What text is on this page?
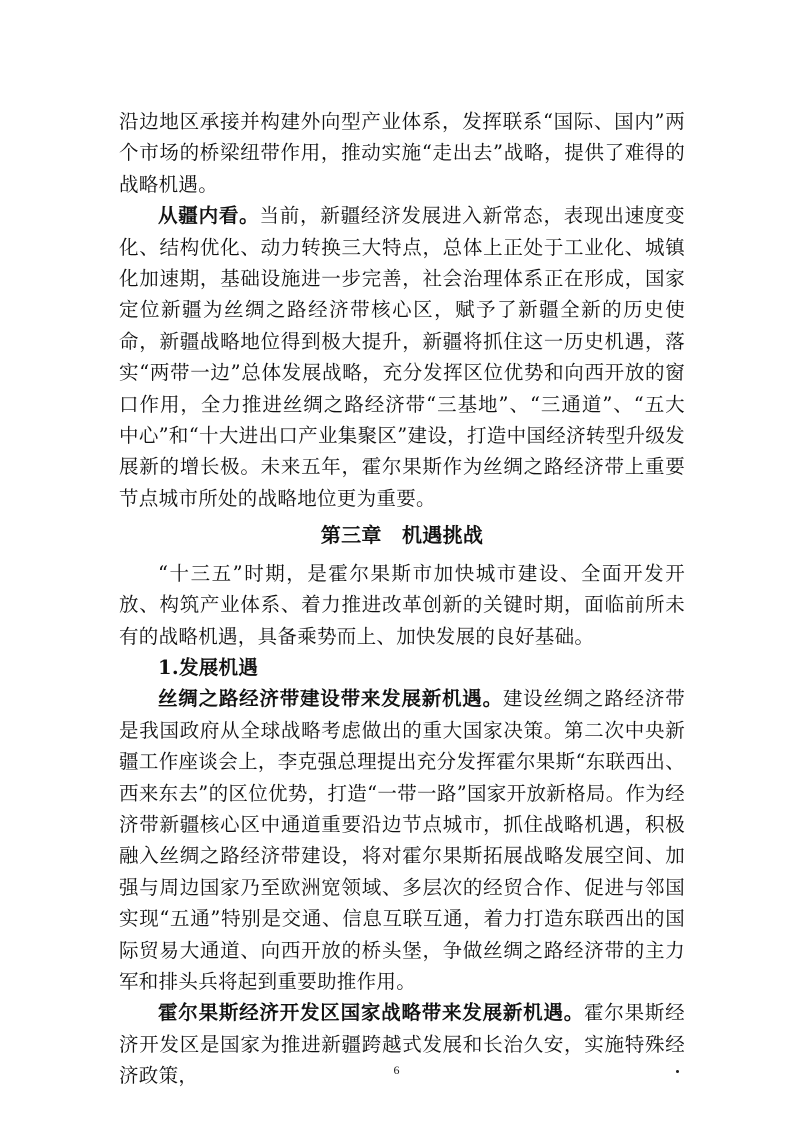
沿边地区承接并构建外向型产业体系，发挥联系“国际、国内”两个市场的桥梁纽带作用，推动实施“走出去”战略，提供了难得的战略机遇。

从疆内看。当前，新疆经济发展进入新常态，表现出速度变化、结构优化、动力转换三大特点，总体上正处于工业化、城镇化加速期，基础设施进一步完善，社会治理体系正在形成，国家定位新疆为丝绸之路经济带核心区，赋予了新疆全新的历史使命，新疆战略地位得到极大提升，新疆将抓住这一历史机遇，落实“两带一边”总体发展战略，充分发挥区位优势和向西开放的窗口作用，全力推进丝绸之路经济带“三基地”、“三通道”、“五大中心”和“十大进出口产业集聚区”建设，打造中国经济转型升级发展新的增长极。未来五年，霍尔果斯作为丝绸之路经济带上重要节点城市所处的战略地位更为重要。

第三章　机遇挑战

“十三五”时期，是霍尔果斯市加快城市建设、全面开发开放、构筑产业体系、着力推进改革创新的关键时期，面临前所未有的战略机遇，具备乘势而上、加快发展的良好基础。

1.发展机遇

丝绸之路经济带建设带来发展新机遇。建设丝绸之路经济带是我国政府从全球战略考虑做出的重大国家决策。第二次中央新疆工作座谈会上，李克强总理提出充分发挥霍尔果斯“东联西出、西来东去”的区位优势，打造“一带一路”国家开放新格局。作为经济带新疆核心区中通道重要沿边节点城市，抓住战略机遇，积极融入丝绸之路经济带建设，将对霍尔果斯拓展战略发展空间、加强与周边国家乃至欧洲宽领域、多层次的经贸合作、促进与邻国实现“五通”特别是交通、信息互联互通，着力打造东联西出的国际贸易大通道、向西开放的桥头堡，争做丝绸之路经济带的主力军和排头兵将起到重要助推作用。

霍尔果斯经济开发区国家战略带来发展新机遇。霍尔果斯经济开发区是国家为推进新疆跨越式发展和长治久安，实施特殊经济政策，	6
